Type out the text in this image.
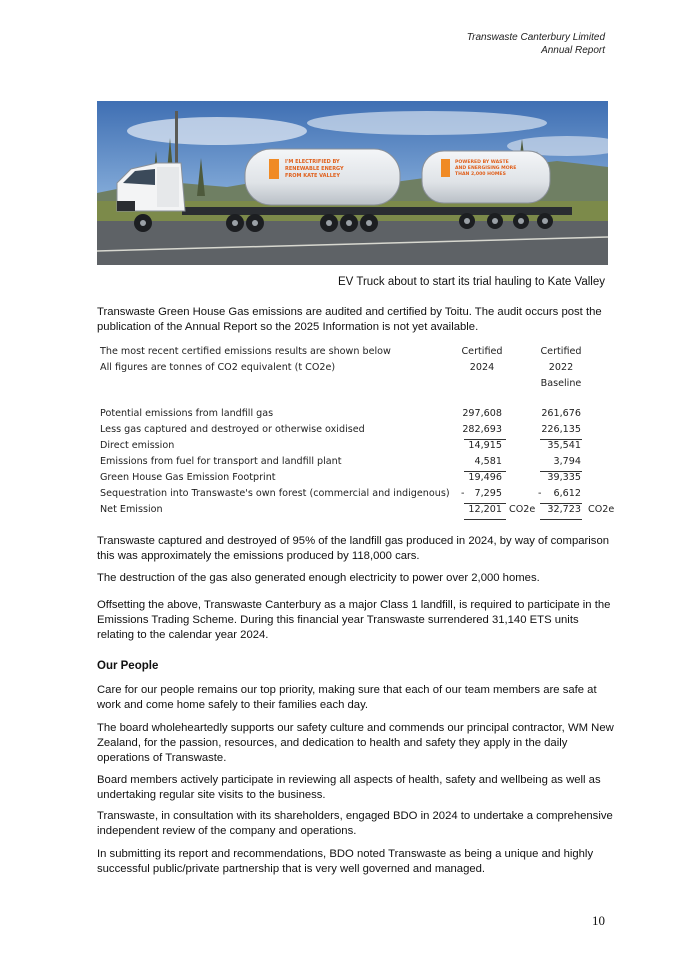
Transwaste Canterbury Limited
Annual Report
I'M ELECTRIFIED BY
RENEWABLE ENERGY
FROM KATE VALLEY
POWERED BY WASTE
AND ENERGISING MORE
THAN 2,000 HOMES
EV Truck about to start its trial hauling to Kate Valley

Transwaste Green House Gas emissions are audited and certified by Toitu. The audit occurs post the publication of the Annual Report so the 2025 Information is not yet available.

The most recent certified emissions results are shown below	Certified	Certified
All figures are tonnes of CO2 equivalent (t CO2e)	2024	2022
Baseline
Potential emissions from landfill gas	297,608	261,676
Less gas captured and destroyed or otherwise oxidised	282,693	226,135
Direct emission	14,915	35,541
Emissions from fuel for transport and landfill plant	4,581	3,794
Green House Gas Emission Footprint	19,496	39,335
Sequestration into Transwaste's own forest (commercial and indigenous) - 7,295	- 6,612
Net Emission	12,201 CO2e 32,723 CO2e

Transwaste captured and destroyed of 95% of the landfill gas produced in 2024, by way of comparison this was approximately the emissions produced by 118,000 cars.

The destruction of the gas also generated enough electricity to power over 2,000 homes.

Offsetting the above, Transwaste Canterbury as a major Class 1 landfill, is required to participate in the Emissions Trading Scheme. During this financial year Transwaste surrendered 31,140 ETS units relating to the calendar year 2024.

Our People

Care for our people remains our top priority, making sure that each of our team members are safe at work and come home safely to their families each day.

The board wholeheartedly supports our safety culture and commends our principal contractor, WM New Zealand, for the passion, resources, and dedication to health and safety they apply in the daily operations of Transwaste.

Board members actively participate in reviewing all aspects of health, safety and wellbeing as well as undertaking regular site visits to the business.

Transwaste, in consultation with its shareholders, engaged BDO in 2024 to undertake a comprehensive independent review of the company and operations.

In submitting its report and recommendations, BDO noted Transwaste as being a unique and highly successful public/private partnership that is very well governed and managed.

10
